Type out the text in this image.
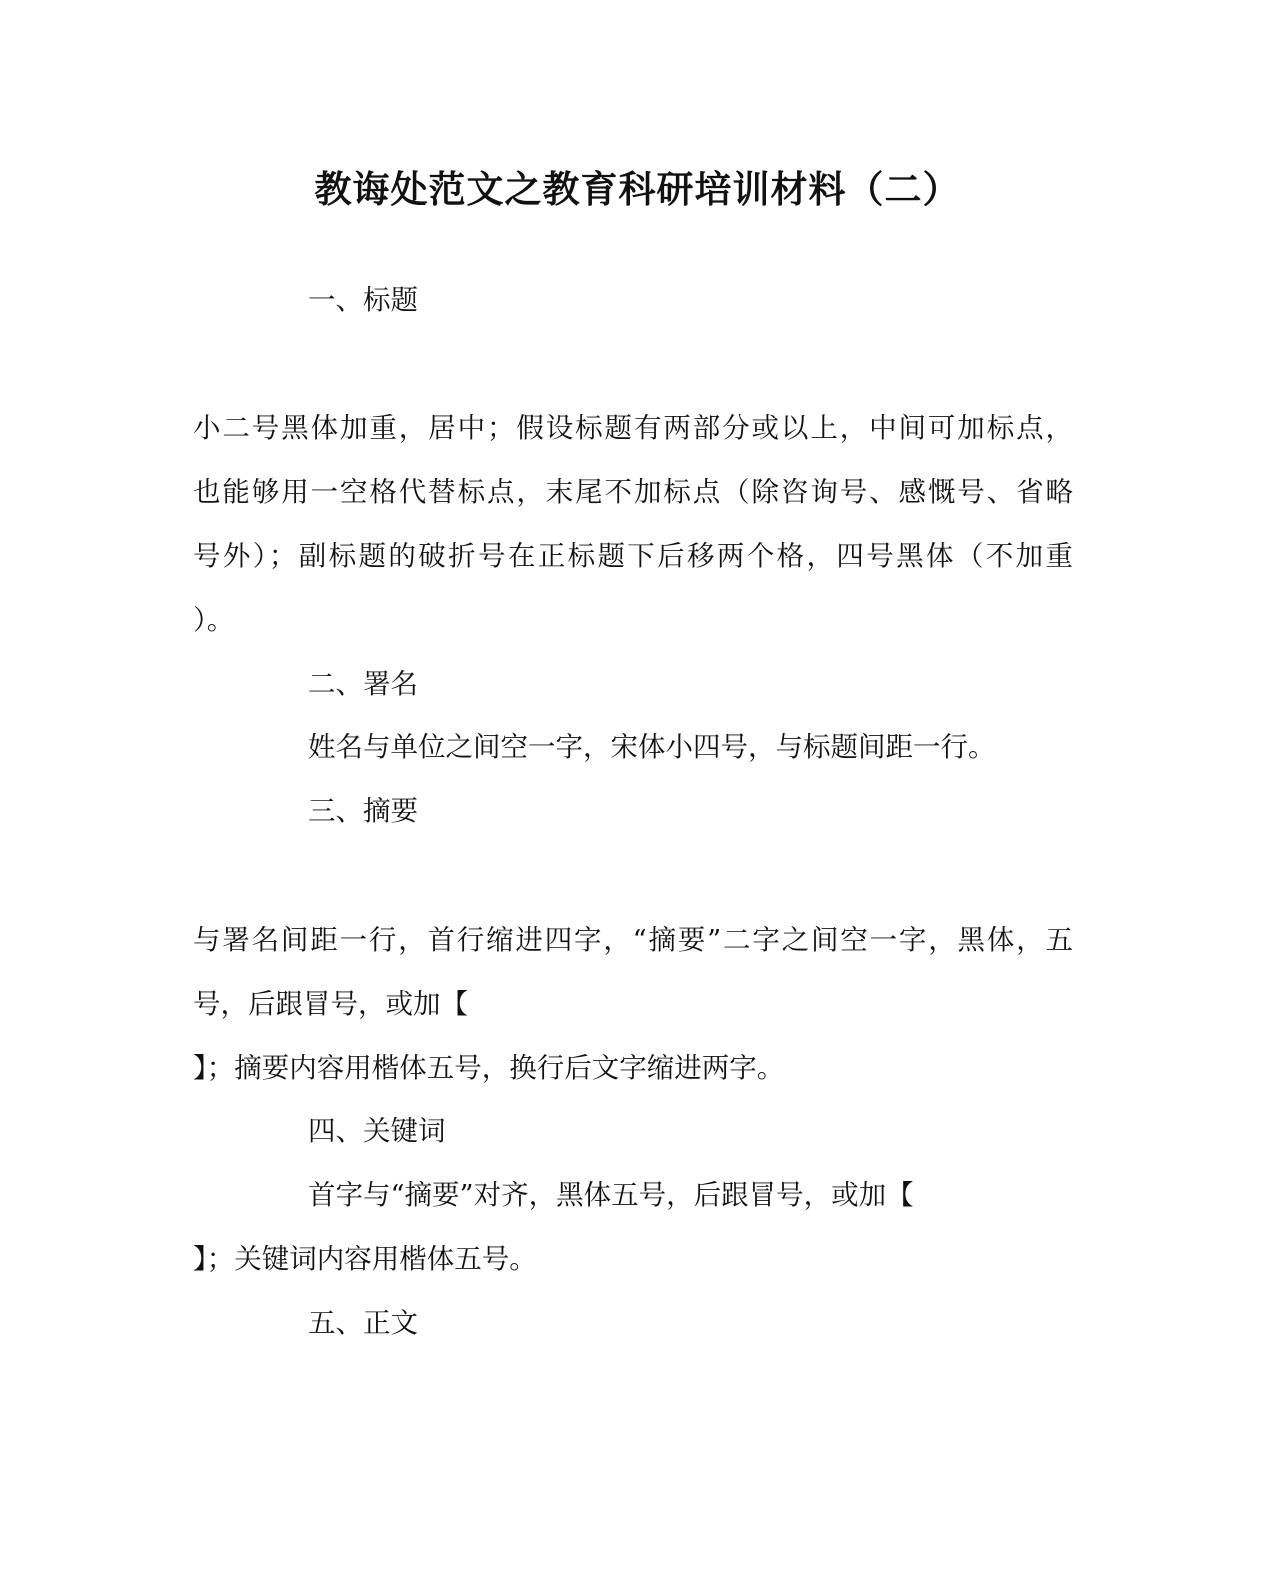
教诲处范文之教育科研培训材料（二）

一、标题

小二号黑体加重，居中；假设标题有两部分或以上，中间可加标点，

也能够用一空格代替标点，末尾不加标点（除咨询号、感慨号、省略

号外）；副标题的破折号在正标题下后移两个格，四号黑体（不加重

）。

二、署名

姓名与单位之间空一字，宋体小四号，与标题间距一行。

三、摘要

与署名间距一行，首行缩进四字，“摘要”二字之间空一字，黑体，五

号，后跟冒号，或加【

】；摘要内容用楷体五号，换行后文字缩进两字。

四、关键词

首字与“摘要”对齐，黑体五号，后跟冒号，或加【

】；关键词内容用楷体五号。

五、正文
